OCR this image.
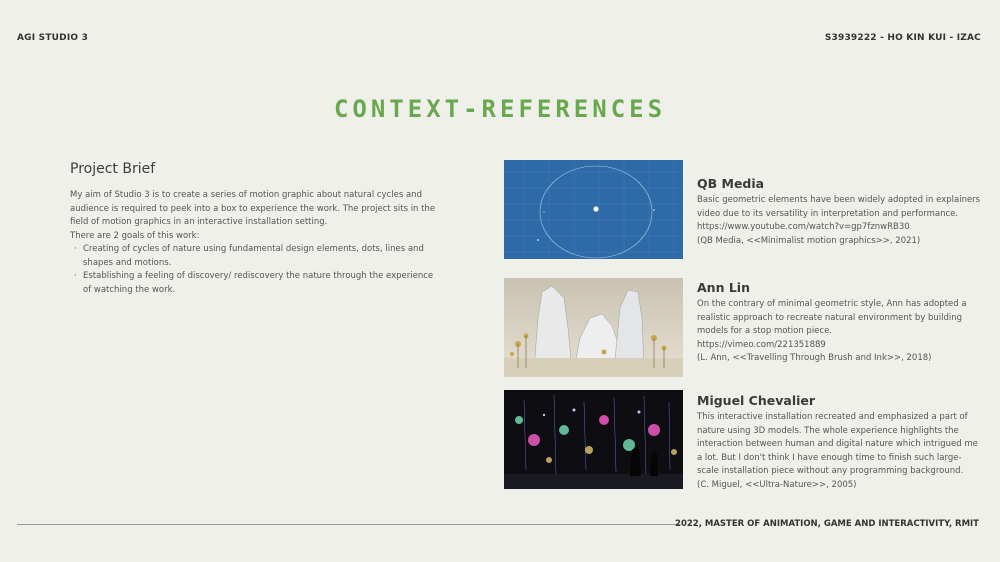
AGI STUDIO 3	S3939222 - HO KIN KUI - IZAC
CONTEXT-REFERENCES
Project Brief

My aim of Studio 3 is to create a series of motion graphic about natural cycles and audience is required to peek into a box to experience the work. The project sits in the field of motion graphics in an interactive installation setting.

There are 2 goals of this work:

· Creating of cycles of nature using fundamental design elements, dots, lines and shapes and motions.
· Establishing a feeling of discovery/ rediscovery the nature through the experience of watching the work.
QB Media
Basic geometric elements have been widely adopted in explainers video due to its versatility in interpretation and performance.
https://www.youtube.com/watch?v=gp7fznwRB30
(QB Media, <<Minimalist motion graphics>>, 2021)
Ann Lin
On the contrary of minimal geometric style, Ann has adopted a realistic approach to recreate natural environment by building models for a stop motion piece.
https://vimeo.com/221351889
(L. Ann, <<Travelling Through Brush and Ink>>, 2018)
Miguel Chevalier
This interactive installation recreated and emphasized a part of nature using 3D models. The whole experience highlights the interaction between human and digital nature which intrigued me a lot. But I don't think I have enough time to finish such large-scale installation piece without any programming background.
(C. Miguel, <<Ultra-Nature>>, 2005)
2022, MASTER OF ANIMATION, GAME AND INTERACTIVITY, RMIT
